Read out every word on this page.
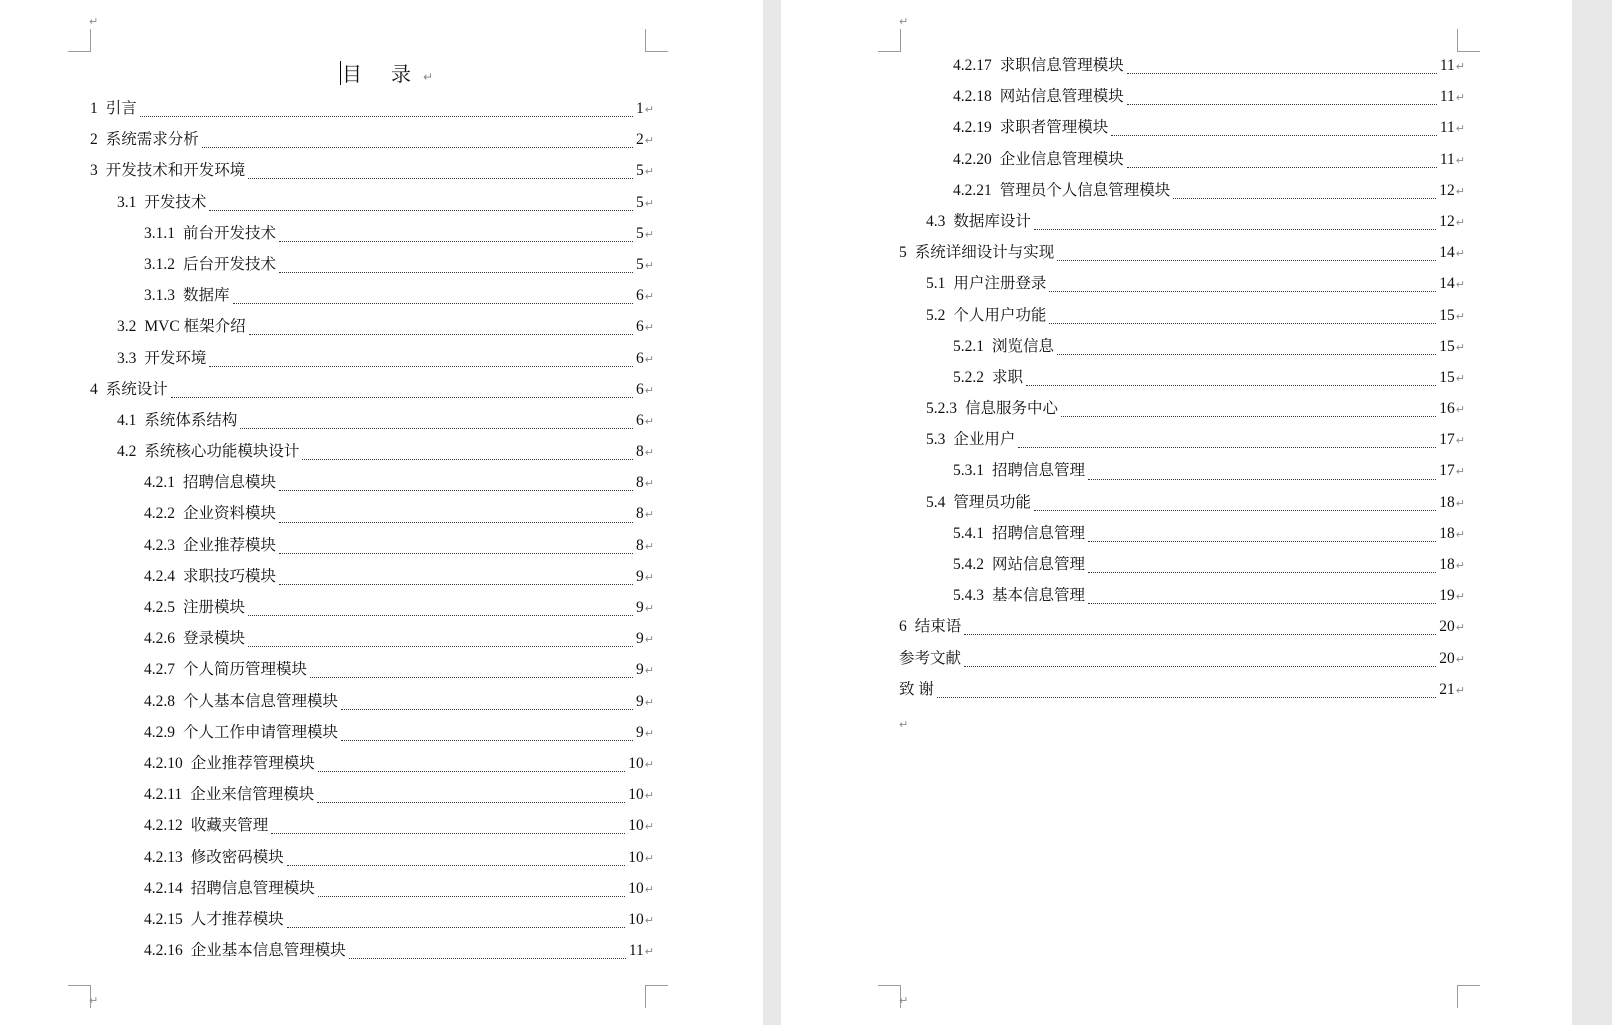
↵
↵
目 录↵
↵
↵
↵
1 引言	1 ↵
2 系统需求分析	2 ↵
3 开发技术和开发环境	5 ↵
3.1 开发技术	5 ↵
3.1.1 前台开发技术	5 ↵
3.1.2 后台开发技术	5 ↵
3.1.3 数据库	6 ↵
3.2 MVC 框架介绍	6 ↵
3.3 开发环境	6 ↵
4 系统设计	6 ↵
4.1 系统体系结构	6 ↵
4.2 系统核心功能模块设计	8 ↵
4.2.1 招聘信息模块	8 ↵
4.2.2 企业资料模块	8 ↵
4.2.3 企业推荐模块	8 ↵
4.2.4 求职技巧模块	9 ↵
4.2.5 注册模块	9 ↵
4.2.6 登录模块	9 ↵
4.2.7 个人简历管理模块	9 ↵
4.2.8 个人基本信息管理模块	9 ↵
4.2.9 个人工作申请管理模块	9 ↵
4.2.10 企业推荐管理模块	10 ↵
4.2.11 企业来信管理模块	10 ↵
4.2.12 收藏夹管理	10 ↵
4.2.13 修改密码模块	10 ↵
4.2.14 招聘信息管理模块	10 ↵
4.2.15 人才推荐模块	10 ↵
4.2.16 企业基本信息管理模块	11 ↵
4.2.17 求职信息管理模块	11 ↵
4.2.18 网站信息管理模块	11 ↵
4.2.19 求职者管理模块	11 ↵
4.2.20 企业信息管理模块	11 ↵
4.2.21 管理员个人信息管理模块	12 ↵
4.3 数据库设计	12 ↵
5 系统详细设计与实现	14 ↵
5.1 用户注册登录	14 ↵
5.2 个人用户功能	15 ↵
5.2.1 浏览信息	15 ↵
5.2.2 求职	15 ↵
5.2.3 信息服务中心	16 ↵
5.3 企业用户	17 ↵
5.3.1 招聘信息管理	17 ↵
5.4 管理员功能	18 ↵
5.4.1 招聘信息管理	18 ↵
5.4.2 网站信息管理	18 ↵
5.4.3 基本信息管理	19 ↵
6 结束语	20 ↵
参考文献	20 ↵
致 谢	21 ↵
